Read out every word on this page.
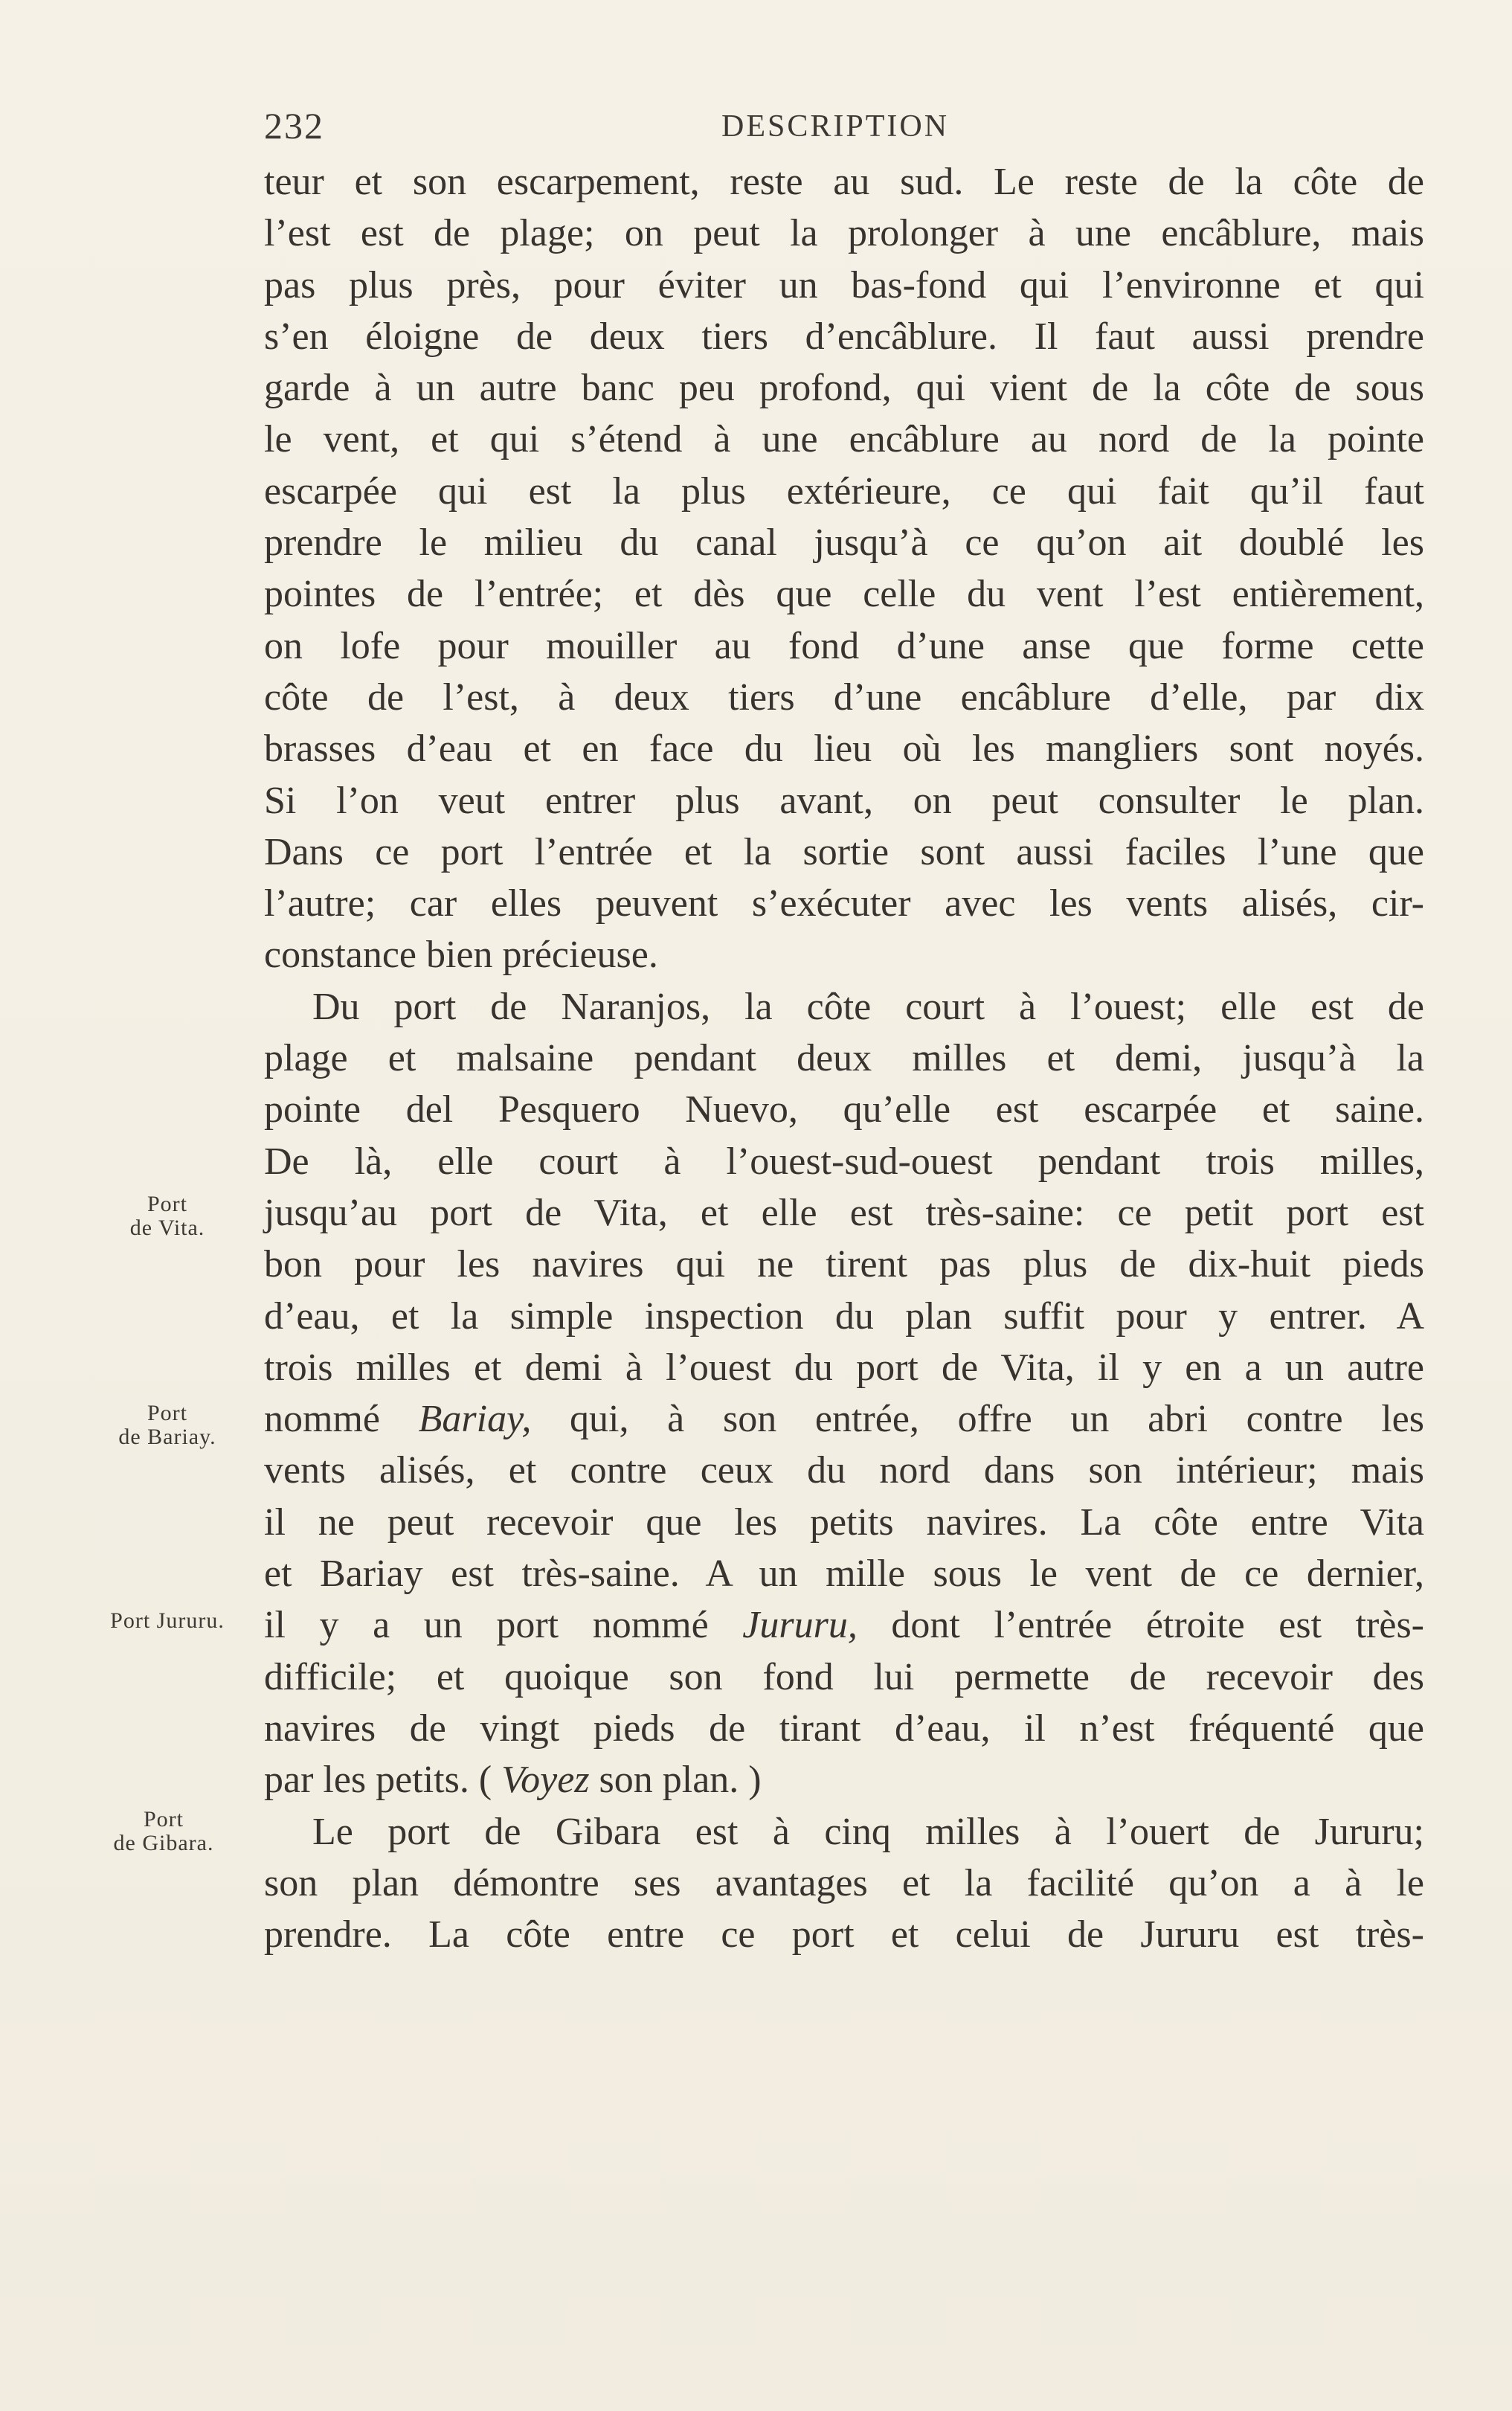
232	DESCRIPTION
Port
de Vita.
Port
de Bariay.
Port Jururu.
Port
de Gibara.
teur et son escarpement, reste au sud. Le reste de la côte de
l’est est de plage; on peut la prolonger à une encâblure, mais
pas plus près, pour éviter un bas-fond qui l’environne et qui
s’en éloigne de deux tiers d’encâblure. Il faut aussi prendre
garde à un autre banc peu profond, qui vient de la côte de sous
le vent, et qui s’étend à une encâblure au nord de la pointe
escarpée qui est la plus extérieure, ce qui fait qu’il faut
prendre le milieu du canal jusqu’à ce qu’on ait doublé les
pointes de l’entrée; et dès que celle du vent l’est entièrement,
on lofe pour mouiller au fond d’une anse que forme cette
côte de l’est, à deux tiers d’une encâblure d’elle, par dix
brasses d’eau et en face du lieu où les mangliers sont noyés.
Si l’on veut entrer plus avant, on peut consulter le plan.
Dans ce port l’entrée et la sortie sont aussi faciles l’une que
l’autre; car elles peuvent s’exécuter avec les vents alisés, cir-
constance bien précieuse.
Du port de Naranjos, la côte court à l’ouest; elle est de
plage et malsaine pendant deux milles et demi, jusqu’à la
pointe del Pesquero Nuevo, qu’elle est escarpée et saine.
De là, elle court à l’ouest-sud-ouest pendant trois milles,
jusqu’au port de Vita, et elle est très-saine: ce petit port est
bon pour les navires qui ne tirent pas plus de dix-huit pieds
d’eau, et la simple inspection du plan suffit pour y entrer. A
trois milles et demi à l’ouest du port de Vita, il y en a un autre
nommé Bariay, qui, à son entrée, offre un abri contre les
vents alisés, et contre ceux du nord dans son intérieur; mais
il ne peut recevoir que les petits navires. La côte entre Vita
et Bariay est très-saine. A un mille sous le vent de ce dernier,
il y a un port nommé Jururu, dont l’entrée étroite est très-
difficile; et quoique son fond lui permette de recevoir des
navires de vingt pieds de tirant d’eau, il n’est fréquenté que
par les petits. ( Voyez son plan. )
Le port de Gibara est à cinq milles à l’ouert de Jururu;
son plan démontre ses avantages et la facilité qu’on a à le
prendre. La côte entre ce port et celui de Jururu est très-
